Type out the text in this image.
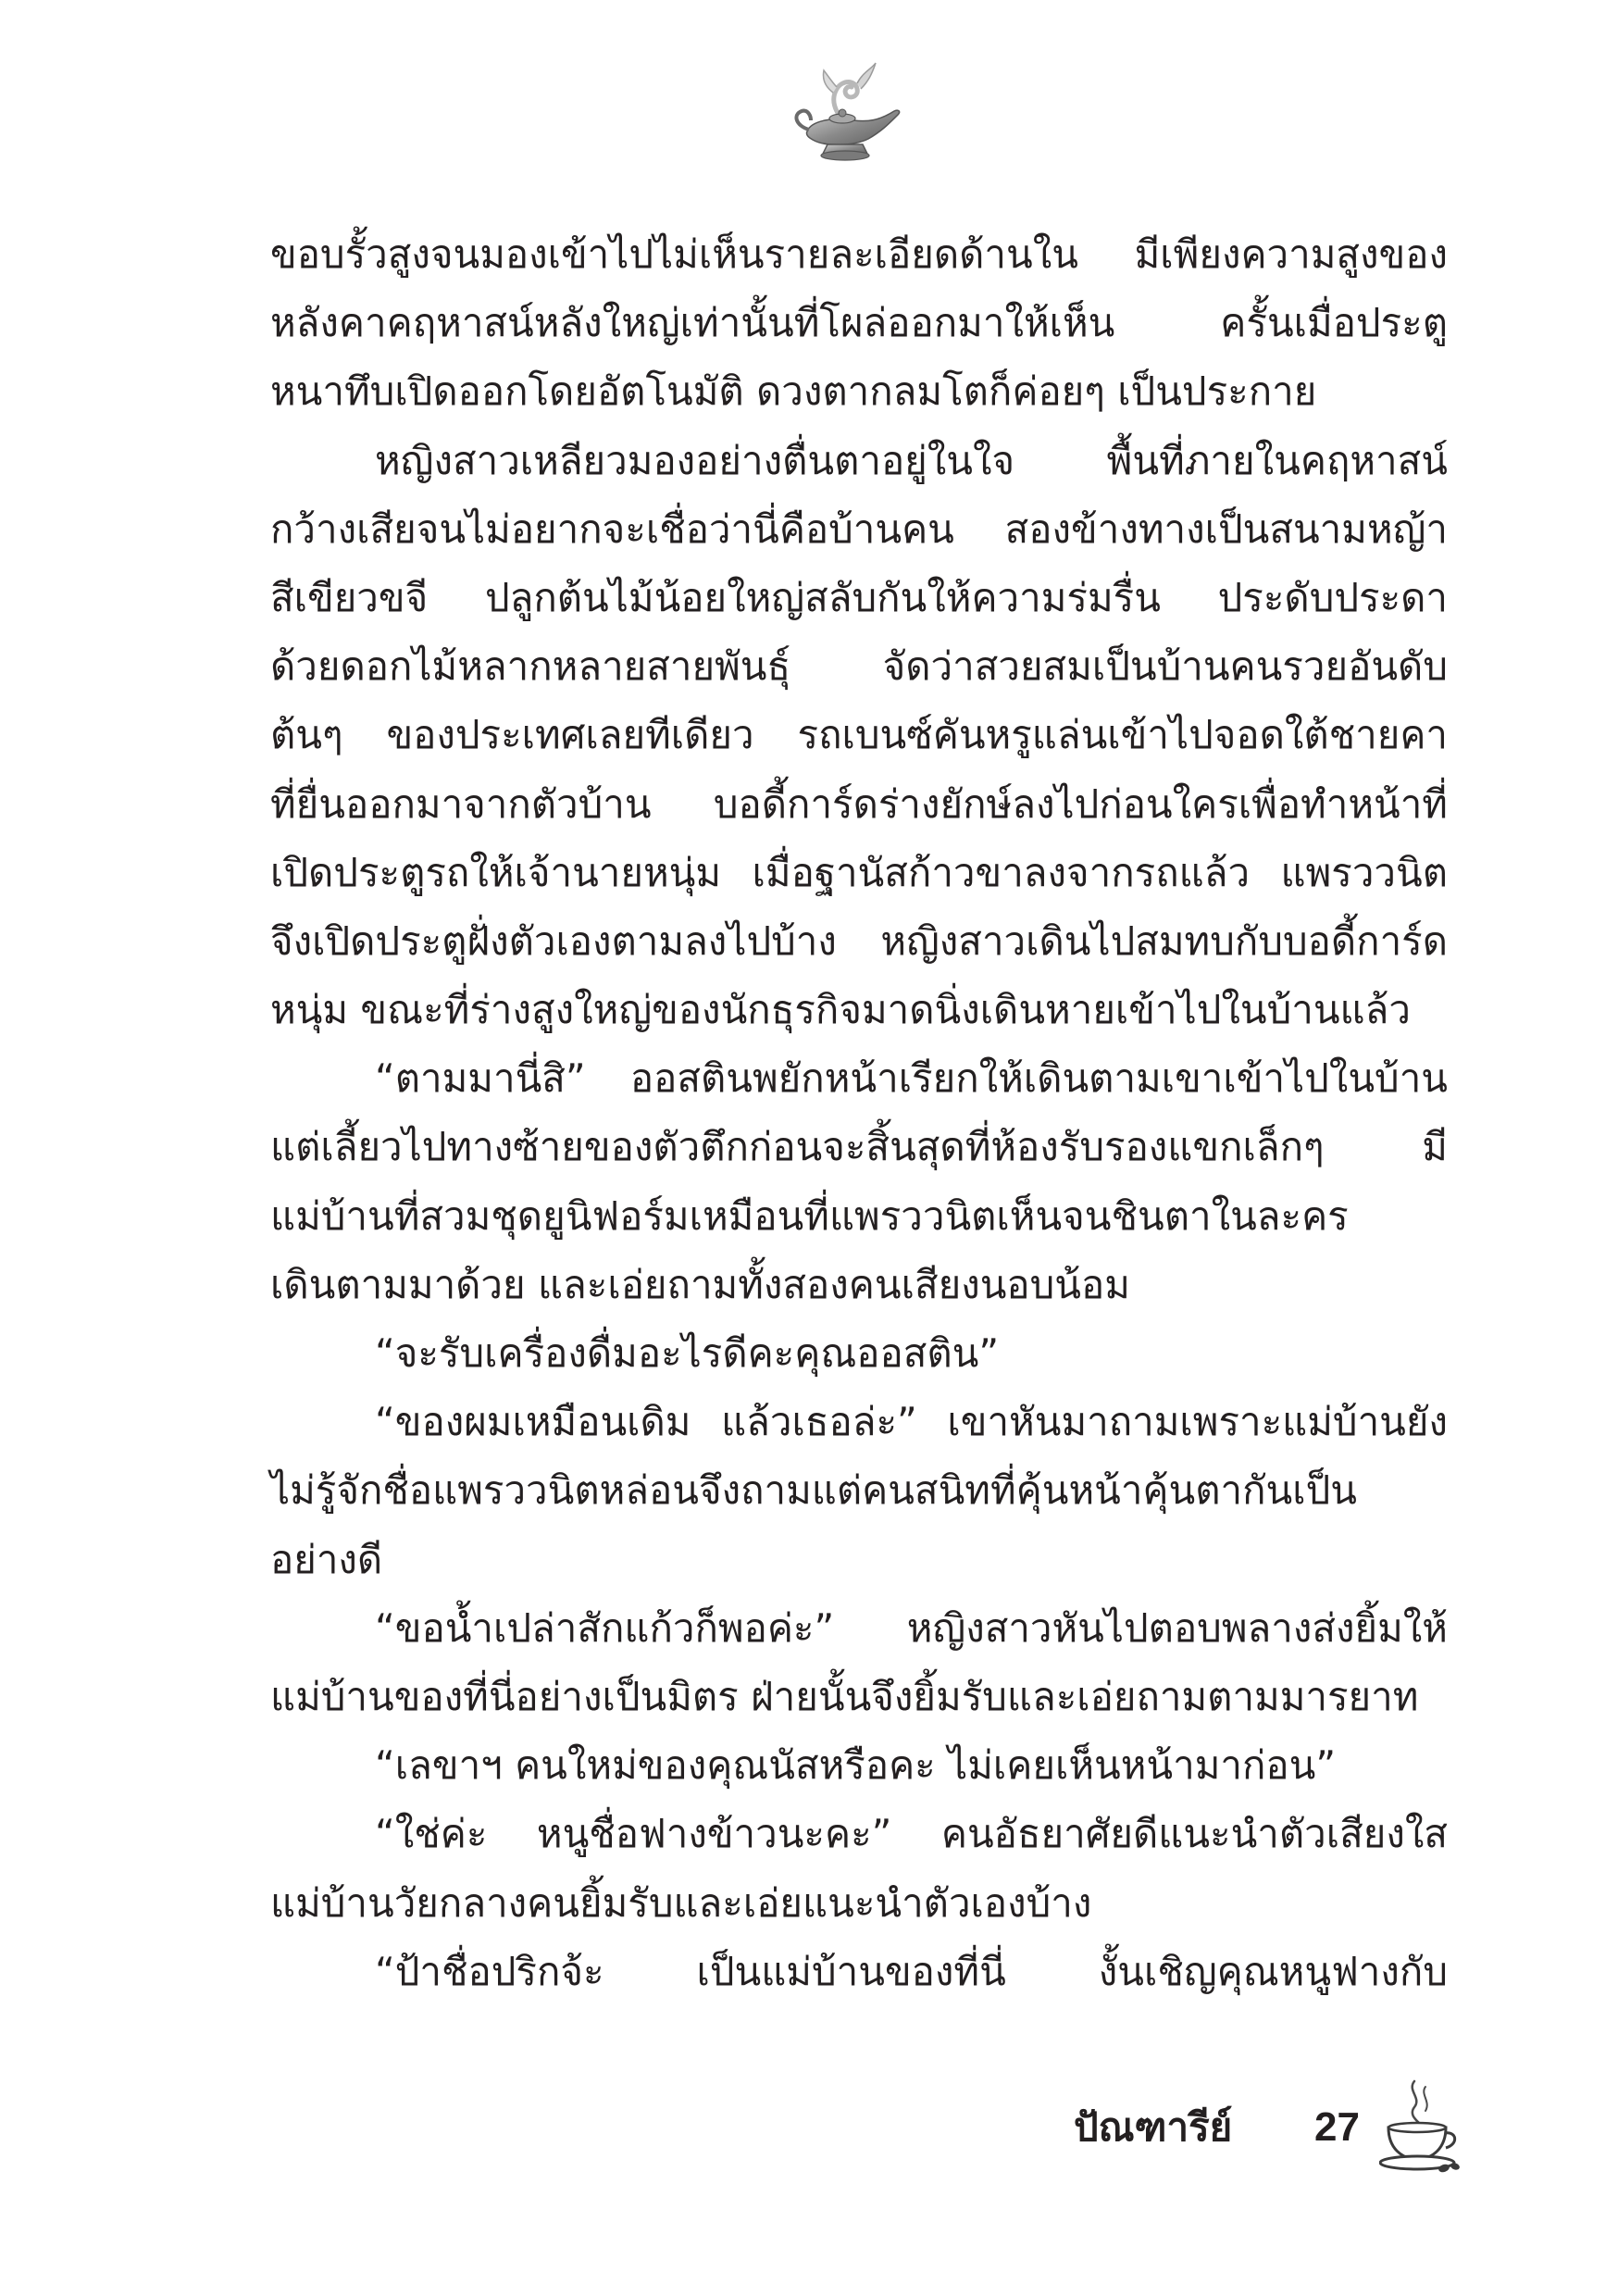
ขอบรั้วสูงจนมองเข้าไปไม่เห็นรายละเอียดด้านใน มีเพียงความสูงของ
หลังคาคฤหาสน์หลังใหญ่เท่านั้นที่โผล่ออกมาให้เห็น ครั้นเมื่อประตู
หนาทึบเปิดออกโดยอัตโนมัติ ดวงตากลมโตก็ค่อยๆ เป็นประกาย
หญิงสาวเหลียวมองอย่างตื่นตาอยู่ในใจ พื้นที่ภายในคฤหาสน์
กว้างเสียจนไม่อยากจะเชื่อว่านี่คือบ้านคน สองข้างทางเป็นสนามหญ้า
สีเขียวขจี ปลูกต้นไม้น้อยใหญ่สลับกันให้ความร่มรื่น ประดับประดา
ด้วยดอกไม้หลากหลายสายพันธุ์ จัดว่าสวยสมเป็นบ้านคนรวยอันดับ
ต้นๆ ของประเทศเลยทีเดียว รถเบนซ์คันหรูแล่นเข้าไปจอดใต้ชายคา
ที่ยื่นออกมาจากตัวบ้าน บอดี้การ์ดร่างยักษ์ลงไปก่อนใครเพื่อทำหน้าที่
เปิดประตูรถให้เจ้านายหนุ่ม เมื่อฐานัสก้าวขาลงจากรถแล้ว แพรววนิต
จึงเปิดประตูฝั่งตัวเองตามลงไปบ้าง หญิงสาวเดินไปสมทบกับบอดี้การ์ด
หนุ่ม ขณะที่ร่างสูงใหญ่ของนักธุรกิจมาดนิ่งเดินหายเข้าไปในบ้านแล้ว
“ตามมานี่สิ” ออสตินพยักหน้าเรียกให้เดินตามเขาเข้าไปในบ้าน
แต่เลี้ยวไปทางซ้ายของตัวตึกก่อนจะสิ้นสุดที่ห้องรับรองแขกเล็กๆ มี
แม่บ้านที่สวมชุดยูนิฟอร์มเหมือนที่แพรววนิตเห็นจนชินตาในละคร
เดินตามมาด้วย และเอ่ยถามทั้งสองคนเสียงนอบน้อม
“จะรับเครื่องดื่มอะไรดีคะคุณออสติน”
“ของผมเหมือนเดิม แล้วเธอล่ะ” เขาหันมาถามเพราะแม่บ้านยัง
ไม่รู้จักชื่อแพรววนิตหล่อนจึงถามแต่คนสนิทที่คุ้นหน้าคุ้นตากันเป็น
อย่างดี
“ขอน้ำเปล่าสักแก้วก็พอค่ะ” หญิงสาวหันไปตอบพลางส่งยิ้มให้
แม่บ้านของที่นี่อย่างเป็นมิตร ฝ่ายนั้นจึงยิ้มรับและเอ่ยถามตามมารยาท
“เลขาฯ คนใหม่ของคุณนัสหรือคะ ไม่เคยเห็นหน้ามาก่อน”
“ใช่ค่ะ หนูชื่อฟางข้าวนะคะ” คนอัธยาศัยดีแนะนำตัวเสียงใส
แม่บ้านวัยกลางคนยิ้มรับและเอ่ยแนะนำตัวเองบ้าง
“ป้าชื่อปริกจ้ะ เป็นแม่บ้านของที่นี่ งั้นเชิญคุณหนูฟางกับ
ปัณฑารีย์ 27
